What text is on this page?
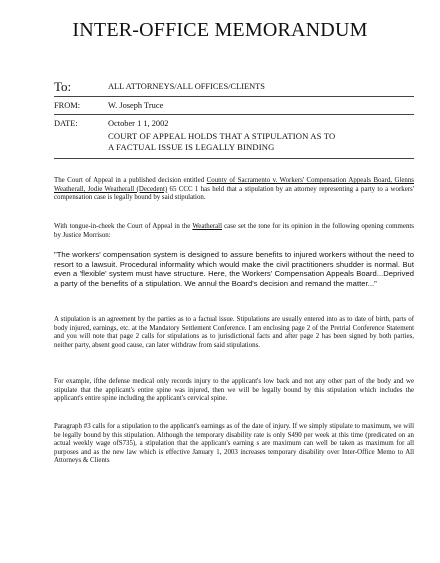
INTER-OFFICE MEMORANDUM
To:	ALL ATTORNEYS/ALL OFFICES/CLIENTS
FROM:	W. Joseph Truce
DATE:	October 1 1, 2002
COURT OF APPEAL HOLDS THAT A STIPULATION AS TO
A FACTUAL ISSUE IS LEGALLY BINDING
The Court of Appeal in a published decision entitled County of Sacramento v. Workers' Compensation Appeals Board, Glenns Weatherall, Jodie Weatherall (Decedent) 65 CCC 1 has held that a stipulation by an attorney representing a party to a workers' compensation case is legally bound by said stipulation.
With tongue-in-cheek the Court of Appeal in the Weatherall case set the tone for its opinion in the following opening comments by Justice Morrison:
"The workers' compensation system is designed to assure benefits to injured workers without the need to resort to a lawsuit. Procedural informality which would make the civil practitioners shudder is normal. But even a 'flexible' system must have structure. Here, the Workers' Compensation Appeals Board...Deprived a party of the benefits of a stipulation. We annul the Board's decision and remand the matter..."
A stipulation is an agreement by the parties as to a factual issue. Stipulations are usually entered into as to date of birth, parts of body injured, earnings, etc. at the Mandatory Settlement Conference. I am enclosing page 2 of the Pretrial Conference Statement and you will note that page 2 calls for stipulations as to jurisdictional facts and after page 2 has been signed by both parties, neither party, absent good cause, can later withdraw from said stipulations.
For example, ifthe defense medical only records injury to the applicant's low back and not any other part of the body and we stipulate that the applicant's entire spine was injured, then we will be legally bound by this stipulation which includes the applicant's entire spine including the applicant's cervical spine.
Paragraph #3 calls for a stipulation to the applicant's earnings as of the date of injury. If we simply stipulate to maximum, we will be legally bound by this stipulation. Although the temporary disability rate is only S490 per week at this time (predicated on an actual weekly wage ofS735), a stipulation that the applicant's earning s are maximum can well be taken as maximum for all purposes and as the new law which is effective January 1, 2003 increases temporary disability over Inter-Office Memo to All Attorneys & Clients
